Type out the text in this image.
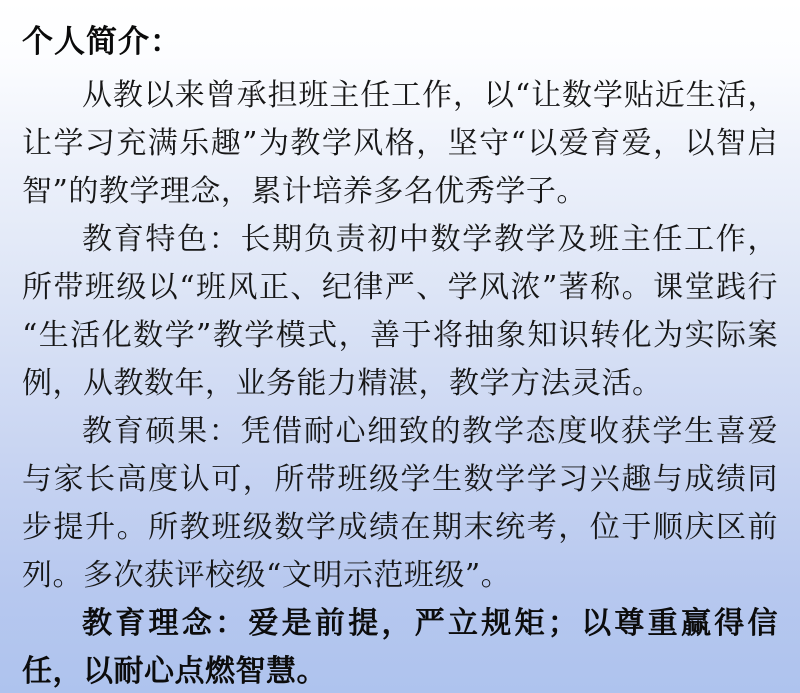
个人简介：

从教以来曾承担班主任工作，以“让数学贴近生活，让学习充满乐趣”为教学风格，坚守“以爱育爱，以智启智”的教学理念，累计培养多名优秀学子。

教育特色：长期负责初中数学教学及班主任工作，所带班级以“班风正、纪律严、学风浓”著称。课堂践行“生活化数学”教学模式，善于将抽象知识转化为实际案例，从教数年，业务能力精湛，教学方法灵活。

教育硕果：凭借耐心细致的教学态度收获学生喜爱与家长高度认可，所带班级学生数学学习兴趣与成绩同步提升。所教班级数学成绩在期末统考，位于顺庆区前列。多次获评校级“文明示范班级”。

教育理念：爱是前提，严立规矩；以尊重赢得信任，以耐心点燃智慧。
